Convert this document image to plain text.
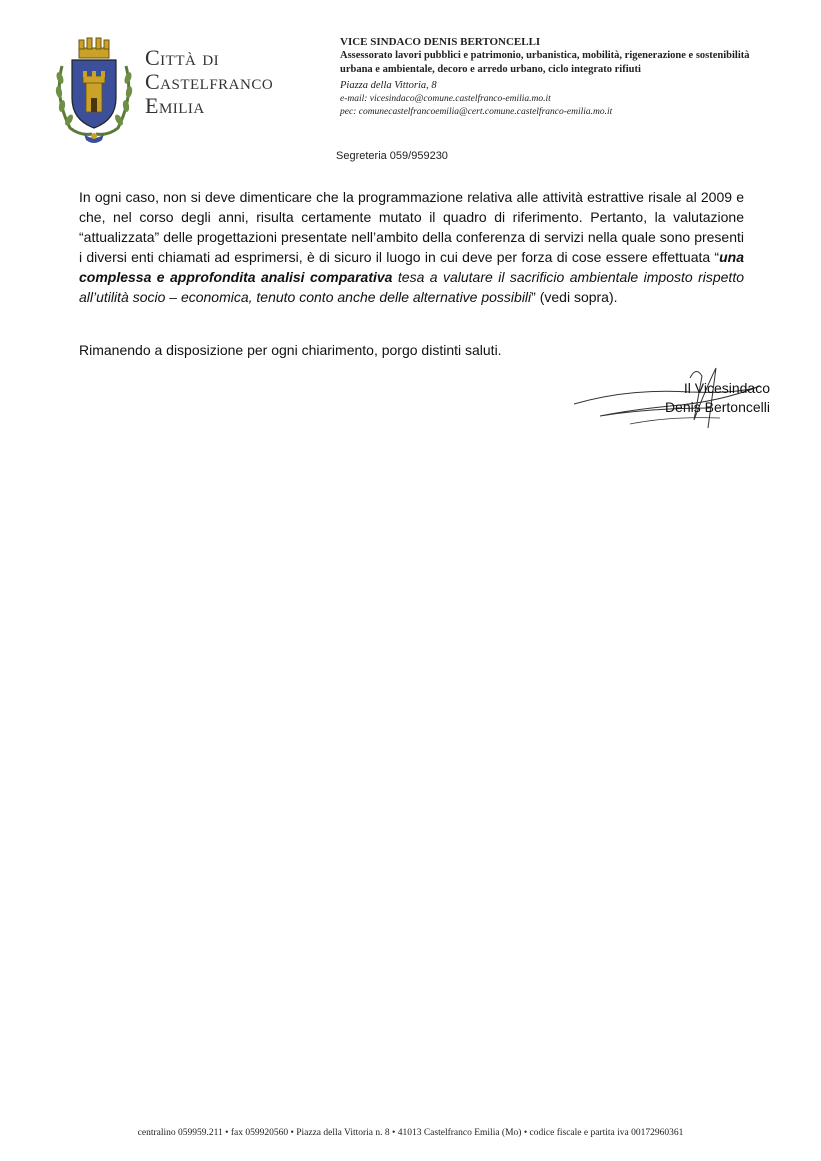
Città di
Castelfranco
Emilia
VICE SINDACO DENIS BERTONCELLI
Assessorato lavori pubblici e patrimonio, urbanistica, mobilità, rigenerazione e sostenibilità urbana e ambientale, decoro e arredo urbano, ciclo integrato rifiuti
Piazza della Vittoria, 8
e-mail: vicesindaco@comune.castelfranco-emilia.mo.it
pec: comunecastelfrancoemilia@cert.comune.castelfranco-emilia.mo.it
Segreteria 059/959230
In ogni caso, non si deve dimenticare che la programmazione relativa alle attività estrattive risale al 2009 e che, nel corso degli anni, risulta certamente mutato il quadro di riferimento. Pertanto, la valutazione “attualizzata” delle progettazioni presentate nell’ambito della conferenza di servizi nella quale sono presenti i diversi enti chiamati ad esprimersi, è di sicuro il luogo in cui deve per forza di cose essere effettuata “una complessa e approfondita analisi comparativa tesa a valutare il sacrificio ambientale imposto rispetto all’utilità socio – economica, tenuto conto anche delle alternative possibili” (vedi sopra).
Rimanendo a disposizione per ogni chiarimento, porgo distinti saluti.
Il Vicesindaco
Denis Bertoncelli
centralino 059959.211 • fax 059920560 • Piazza della Vittoria n. 8 • 41013 Castelfranco Emilia (Mo) • codice fiscale e partita iva 00172960361
